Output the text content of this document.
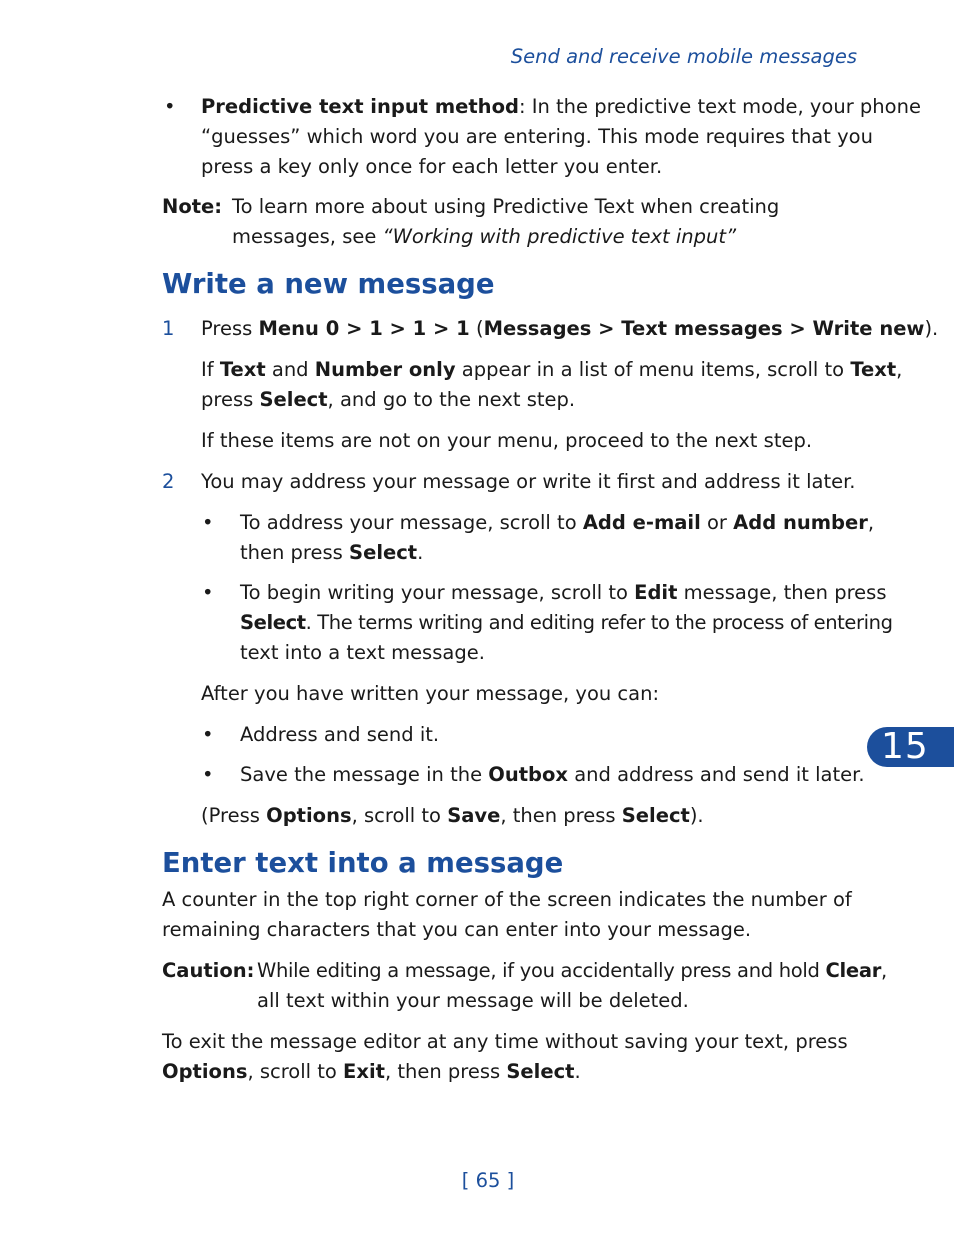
Send and receive mobile messages
• Predictive text input method: In the predictive text mode, your phone

“guesses” which word you are entering. This mode requires that you

press a key only once for each letter you enter.

Note: To learn more about using Predictive Text when creating

messages, see “Working with predictive text input”

Write a new message
1 Press Menu 0 > 1 > 1 > 1 (Messages > Text messages > Write new).

If Text and Number only appear in a list of menu items, scroll to Text,

press Select, and go to the next step.

If these items are not on your menu, proceed to the next step.
2 You may address your message or write it first and address it later.
• To address your message, scroll to Add e-mail or Add number,

then press Select.

• To begin writing your message, scroll to Edit message, then press

Select. The terms writing and editing refer to the process of entering

text into a text message.

After you have written your message, you can:
• Address and send it.
• Save the message in the Outbox and address and send it later.

(Press Options, scroll to Save, then press Select).

Enter text into a message

A counter in the top right corner of the screen indicates the number of

remaining characters that you can enter into your message.

Caution: While editing a message, if you accidentally press and hold Clear,

all text within your message will be deleted.

To exit the message editor at any time without saving your text, press

Options, scroll to Exit, then press Select.

15
[ 65 ]
